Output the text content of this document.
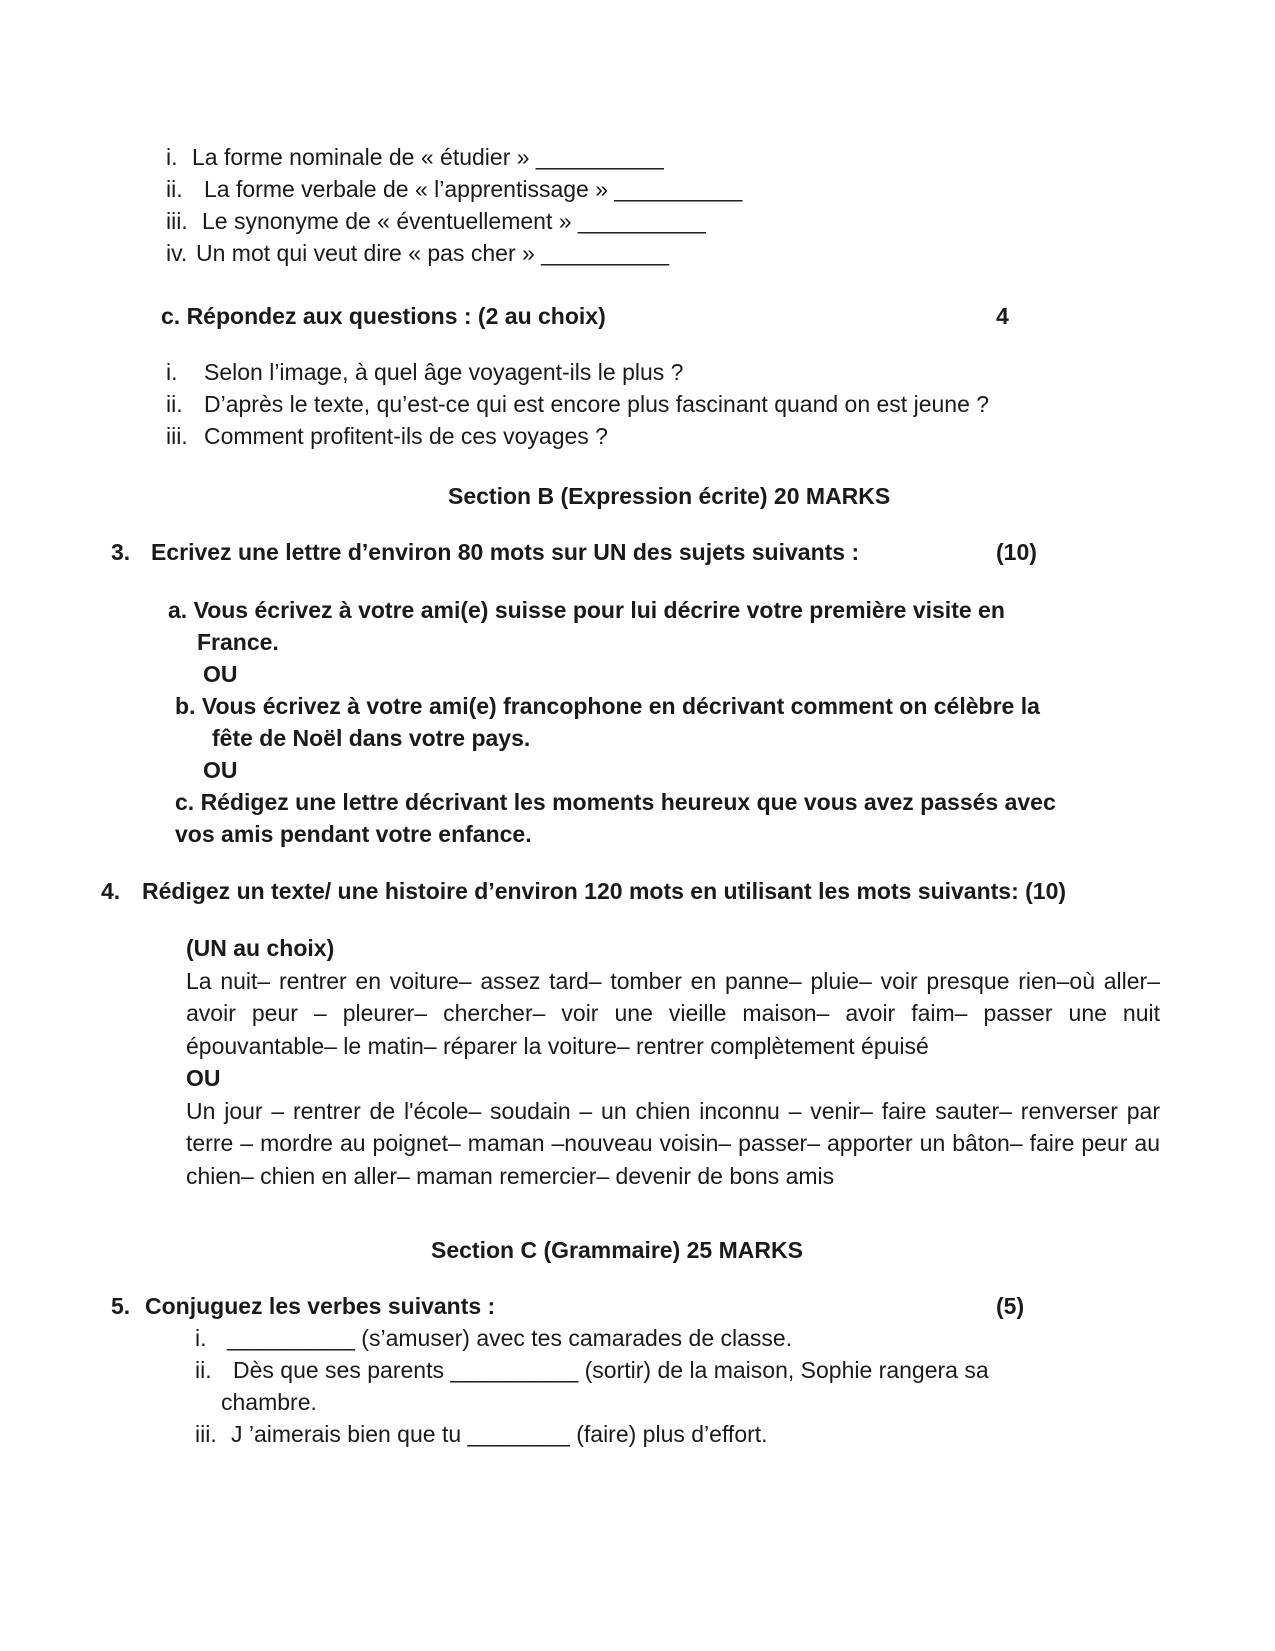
i. La forme nominale de « étudier » __________
ii. La forme verbale de « l’apprentissage » __________
iii. Le synonyme de « éventuellement » __________
iv. Un mot qui veut dire « pas cher » __________
c. Répondez aux questions : (2 au choix)	4
i. Selon l’image, à quel âge voyagent-ils le plus ?
ii. D’après le texte, qu’est-ce qui est encore plus fascinant quand on est jeune ?
iii. Comment profitent-ils de ces voyages ?
Section B (Expression écrite) 20 MARKS
3. Ecrivez une lettre d’environ 80 mots sur UN des sujets suivants :	(10)
a. Vous écrivez à votre ami(e) suisse pour lui décrire votre première visite en
France.
OU
b. Vous écrivez à votre ami(e) francophone en décrivant comment on célèbre la
fête de Noël dans votre pays.
OU
c. Rédigez une lettre décrivant les moments heureux que vous avez passés avec
vos amis pendant votre enfance.
4. Rédigez un texte/ une histoire d’environ 120 mots en utilisant les mots suivants: (10)

(UN au choix)

La nuit– rentrer en voiture– assez tard– tomber en panne– pluie– voir presque rien–où aller– avoir peur – pleurer– chercher– voir une vieille maison– avoir faim– passer une nuit épouvantable– le matin– réparer la voiture– rentrer complètement épuisé

OU

Un jour – rentrer de l'école– soudain – un chien inconnu – venir– faire sauter– renverser par terre – mordre au poignet– maman –nouveau voisin– passer– apporter un bâton– faire peur au chien– chien en aller– maman remercier– devenir de bons amis

Section C (Grammaire) 25 MARKS
5. Conjuguez les verbes suivants :	(5)
i. __________ (s’amuser) avec tes camarades de classe.
ii. Dès que ses parents __________ (sortir) de la maison, Sophie rangera sa
chambre.
iii. J ’aimerais bien que tu ________ (faire) plus d’effort.
